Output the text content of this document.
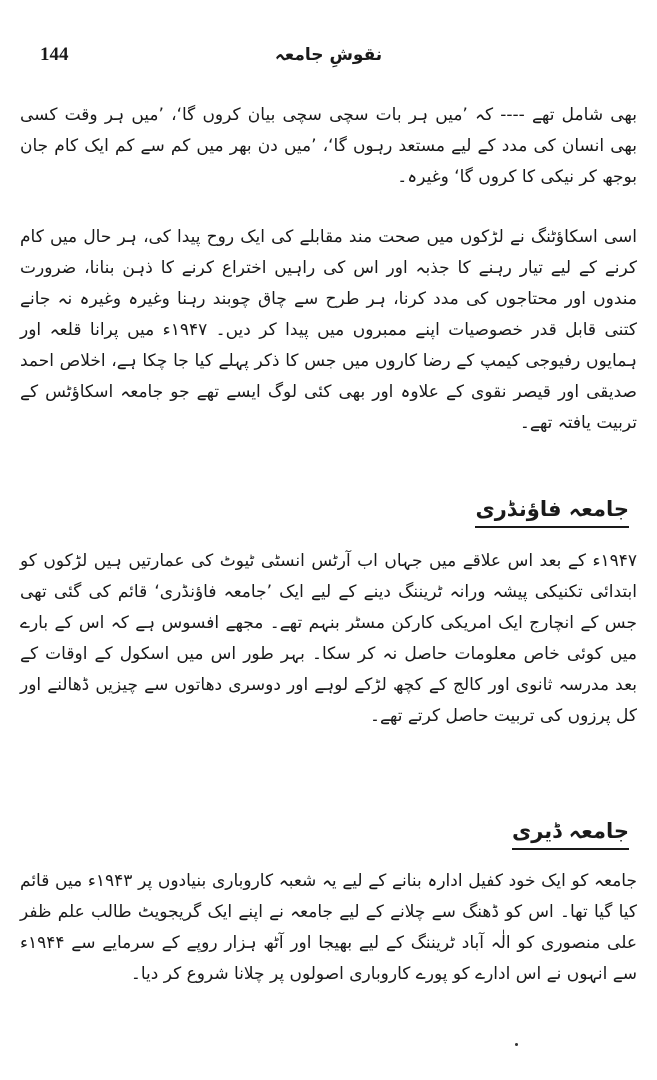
144	نقوشِ جامعہ

بھی شامل تھے ---- کہ ’میں ہر بات سچی سچی بیان کروں گا‘، ’میں ہر وقت کسی بھی انسان کی مدد کے لیے مستعد رہوں گا‘، ’میں دن بھر میں کم سے کم ایک کام جان بوجھ کر نیکی کا کروں گا‘ وغیرہ۔

اسی اسکاؤٹنگ نے لڑکوں میں صحت مند مقابلے کی ایک روح پیدا کی، ہر حال میں کام کرنے کے لیے تیار رہنے کا جذبہ اور اس کی راہیں اختراع کرنے کا ذہن بنانا، ضرورت مندوں اور محتاجوں کی مدد کرنا، ہر طرح سے چاق چوبند رہنا وغیرہ وغیرہ نہ جانے کتنی قابل قدر خصوصیات اپنے ممبروں میں پیدا کر دیں۔ ۱۹۴۷ء میں پرانا قلعہ اور ہمایوں رفیوجی کیمپ کے رضا کاروں میں جس کا ذکر پہلے کیا جا چکا ہے، اخلاص احمد صدیقی اور قیصر نقوی کے علاوہ اور بھی کئی لوگ ایسے تھے جو جامعہ اسکاؤٹس کے تربیت یافتہ تھے۔

جامعہ فاؤنڈری

۱۹۴۷ء کے بعد اس علاقے میں جہاں اب آرٹس انسٹی ٹیوٹ کی عمارتیں ہیں لڑکوں کو ابتدائی تکنیکی پیشہ ورانہ ٹریننگ دینے کے لیے ایک ’جامعہ فاؤنڈری‘ قائم کی گئی تھی جس کے انچارج ایک امریکی کارکن مسٹر بنہم تھے۔ مجھے افسوس ہے کہ اس کے بارے میں کوئی خاص معلومات حاصل نہ کر سکا۔ بہر طور اس میں اسکول کے اوقات کے بعد مدرسہ ثانوی اور کالج کے کچھ لڑکے لوہے اور دوسری دھاتوں سے چیزیں ڈھالنے اور کل پرزوں کی تربیت حاصل کرتے تھے۔

جامعہ ڈیری

جامعہ کو ایک خود کفیل ادارہ بنانے کے لیے یہ شعبہ کاروباری بنیادوں پر ۱۹۴۳ء میں قائم کیا گیا تھا۔ اس کو ڈھنگ سے چلانے کے لیے جامعہ نے اپنے ایک گریجویٹ طالب علم ظفر علی منصوری کو الٰہ آباد ٹریننگ کے لیے بھیجا اور آٹھ ہزار روپے کے سرمایے سے ۱۹۴۴ء سے انہوں نے اس ادارے کو پورے کاروباری اصولوں پر چلانا شروع کر دیا۔
